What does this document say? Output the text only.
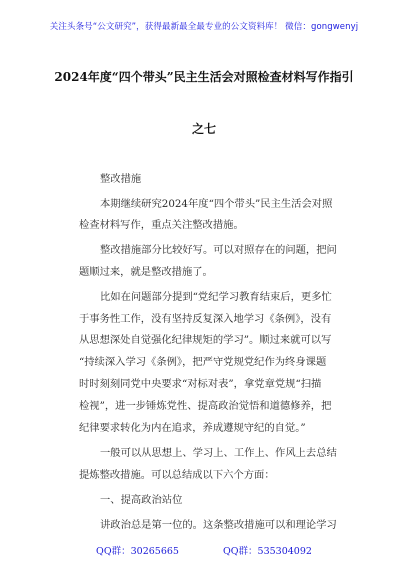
关注头条号“公文研究”，获得最新最全最专业的公文资料库！ 微信：gongwenyj
2024年度“四个带头”民主生活会对照检查材料写作指引
之七
整改措施
本期继续研究2024年度“四个带头”民主生活会对照
检查材料写作，重点关注整改措施。
整改措施部分比较好写。可以对照存在的问题，把问
题顺过来，就是整改措施了。
比如在问题部分提到“党纪学习教育结束后，更多忙
于事务性工作，没有坚持反复深入地学习《条例》，没有
从思想深处自觉强化纪律规矩的学习”。顺过来就可以写
“持续深入学习《条例》，把严守党规党纪作为终身课题
时时刻刻同党中央要求“对标对表”，拿党章党规“扫描
检视”，进一步锤炼党性、提高政治觉悟和道德修养，把
纪律要求转化为内在追求，养成遵规守纪的自觉。”
一般可以从思想上、学习上、工作上、作风上去总结
提炼整改措施。可以总结成以下六个方面：
一、提高政治站位
讲政治总是第一位的。这条整改措施可以和理论学习
QQ群：30265665	QQ群：535304092
